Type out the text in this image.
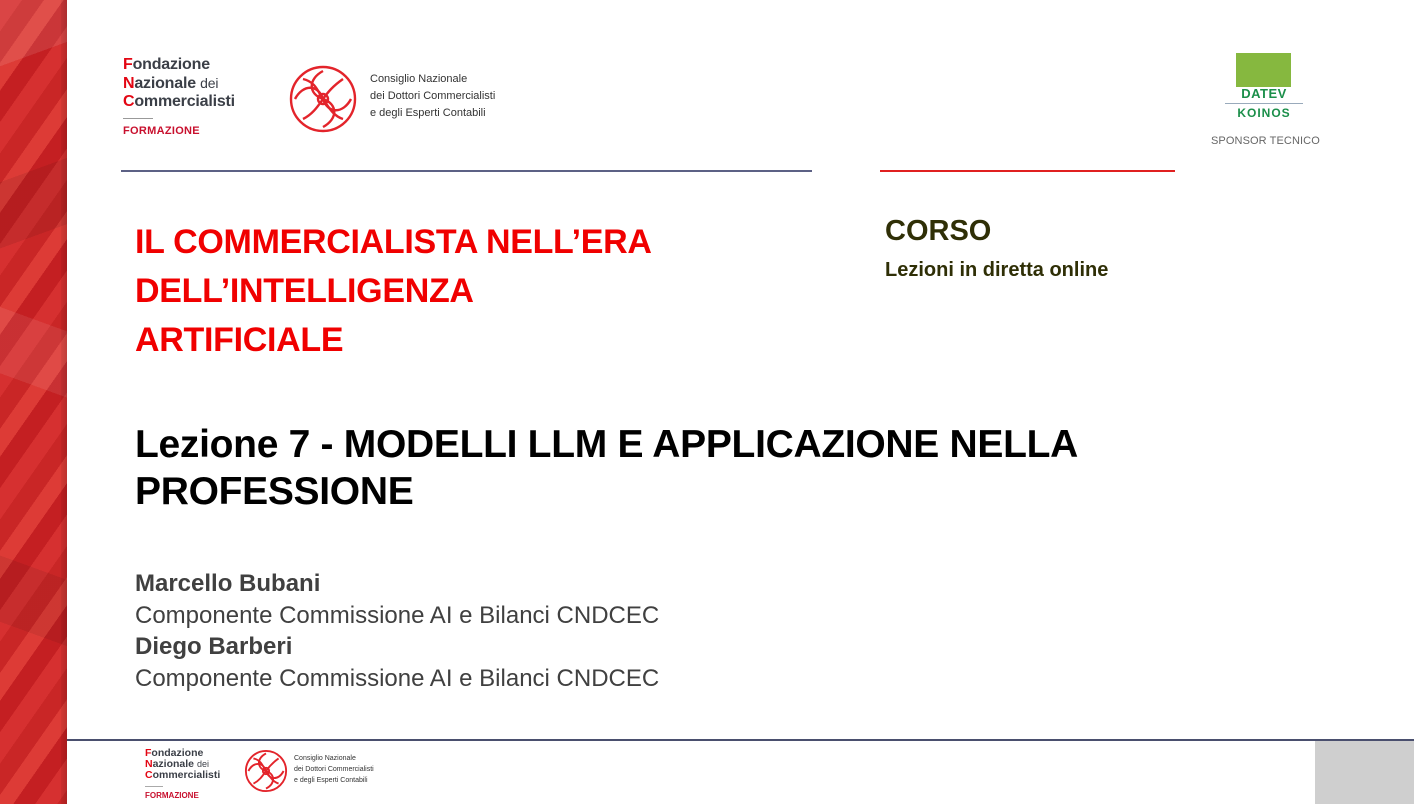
Fondazione
Nazionale dei
Commercialisti
FORMAZIONE
Consiglio Nazionale
dei Dottori Commercialisti
e degli Esperti Contabili
DATEV
KOINOS
SPONSOR TECNICO
IL COMMERCIALISTA NELL’ERA
DELL’INTELLIGENZA
ARTIFICIALE
CORSO
Lezioni in diretta online
Lezione 7 - MODELLI LLM E APPLICAZIONE NELLA
PROFESSIONE
Marcello Bubani
Componente Commissione AI e Bilanci CNDCEC
Diego Barberi
Componente Commissione AI e Bilanci CNDCEC
Fondazione
Nazionale dei
Commercialisti
FORMAZIONE
Consiglio Nazionale
dei Dottori Commercialisti
e degli Esperti Contabili
